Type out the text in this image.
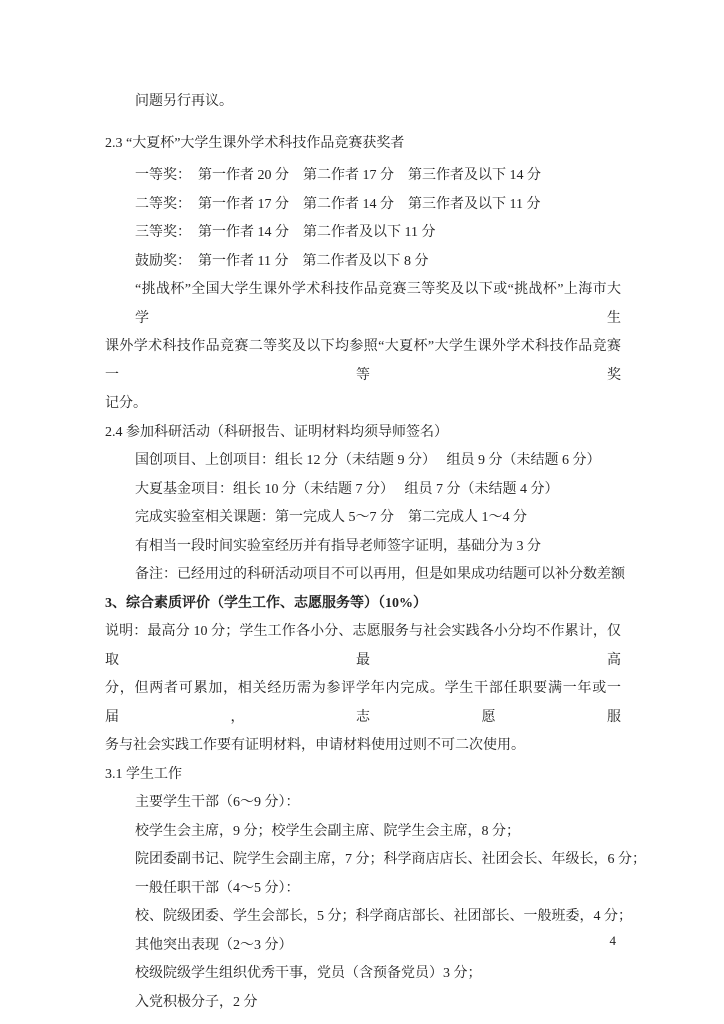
问题另行再议。
2.3 “大夏杯”大学生课外学术科技作品竞赛获奖者
一等奖：　第一作者 20 分　第二作者 17 分　第三作者及以下 14 分
二等奖：　第一作者 17 分　第二作者 14 分　第三作者及以下 11 分
三等奖：　第一作者 14 分　第二作者及以下 11 分
鼓励奖：　第一作者 11 分　第二作者及以下 8 分
“挑战杯”全国大学生课外学术科技作品竞赛三等奖及以下或“挑战杯”上海市大学生
课外学术科技作品竞赛二等奖及以下均参照“大夏杯”大学生课外学术科技作品竞赛一等奖
记分。
2.4 参加科研活动（科研报告、证明材料均须导师签名）
国创项目、上创项目：组长 12 分（未结题 9 分）　 组员 9 分（未结题 6 分）
大夏基金项目：组长 10 分（未结题 7 分）　 组员 7 分（未结题 4 分）
完成实验室相关课题：第一完成人 5～7 分　第二完成人 1～4 分
有相当一段时间实验室经历并有指导老师签字证明，基础分为 3 分
备注：已经用过的科研活动项目不可以再用，但是如果成功结题可以补分数差额
3、综合素质评价（学生工作、志愿服务等）（10%）
说明：最高分 10 分；学生工作各小分、志愿服务与社会实践各小分均不作累计，仅取最高
分，但两者可累加，相关经历需为参评学年内完成。学生干部任职要满一年或一届，志愿服
务与社会实践工作要有证明材料，申请材料使用过则不可二次使用。
3.1 学生工作
主要学生干部（6～9 分）：
校学生会主席，9 分；校学生会副主席、院学生会主席，8 分；
院团委副书记、院学生会副主席，7 分；科学商店店长、社团会长、年级长，6 分；
一般任职干部（4～5 分）：
校、院级团委、学生会部长，5 分；科学商店部长、社团部长、一般班委，4 分；
其他突出表现（2～3 分）
校级院级学生组织优秀干事，党员（含预备党员）3 分；
入党积极分子，2 分
4
